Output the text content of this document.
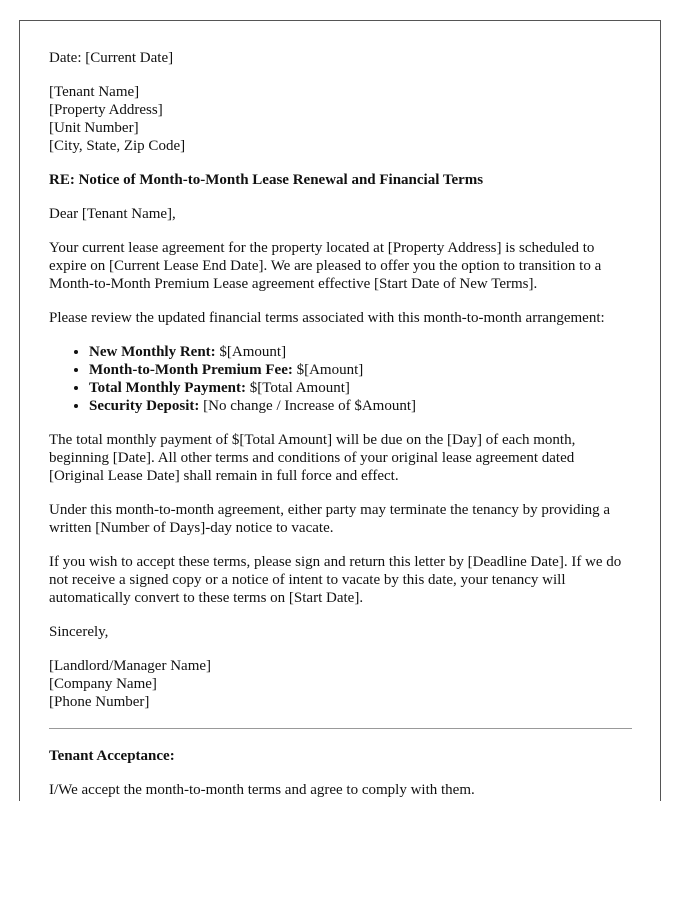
Date: [Current Date]

[Tenant Name]
[Property Address]
[Unit Number]
[City, State, Zip Code]

RE: Notice of Month-to-Month Lease Renewal and Financial Terms

Dear [Tenant Name],

Your current lease agreement for the property located at [Property Address] is scheduled to expire on [Current Lease End Date]. We are pleased to offer you the option to transition to a Month-to-Month Premium Lease agreement effective [Start Date of New Terms].

Please review the updated financial terms associated with this month-to-month arrangement:

• New Monthly Rent: $[Amount]
• Month-to-Month Premium Fee: $[Amount]
• Total Monthly Payment: $[Total Amount]
• Security Deposit: [No change / Increase of $Amount]

The total monthly payment of $[Total Amount] will be due on the [Day] of each month, beginning [Date]. All other terms and conditions of your original lease agreement dated [Original Lease Date] shall remain in full force and effect.

Under this month-to-month agreement, either party may terminate the tenancy by providing a written [Number of Days]-day notice to vacate.

If you wish to accept these terms, please sign and return this letter by [Deadline Date]. If we do not receive a signed copy or a notice of intent to vacate by this date, your tenancy will automatically convert to these terms on [Start Date].

Sincerely,

[Landlord/Manager Name]
[Company Name]
[Phone Number]
Tenant Acceptance:

I/We accept the month-to-month terms and agree to comply with them.
